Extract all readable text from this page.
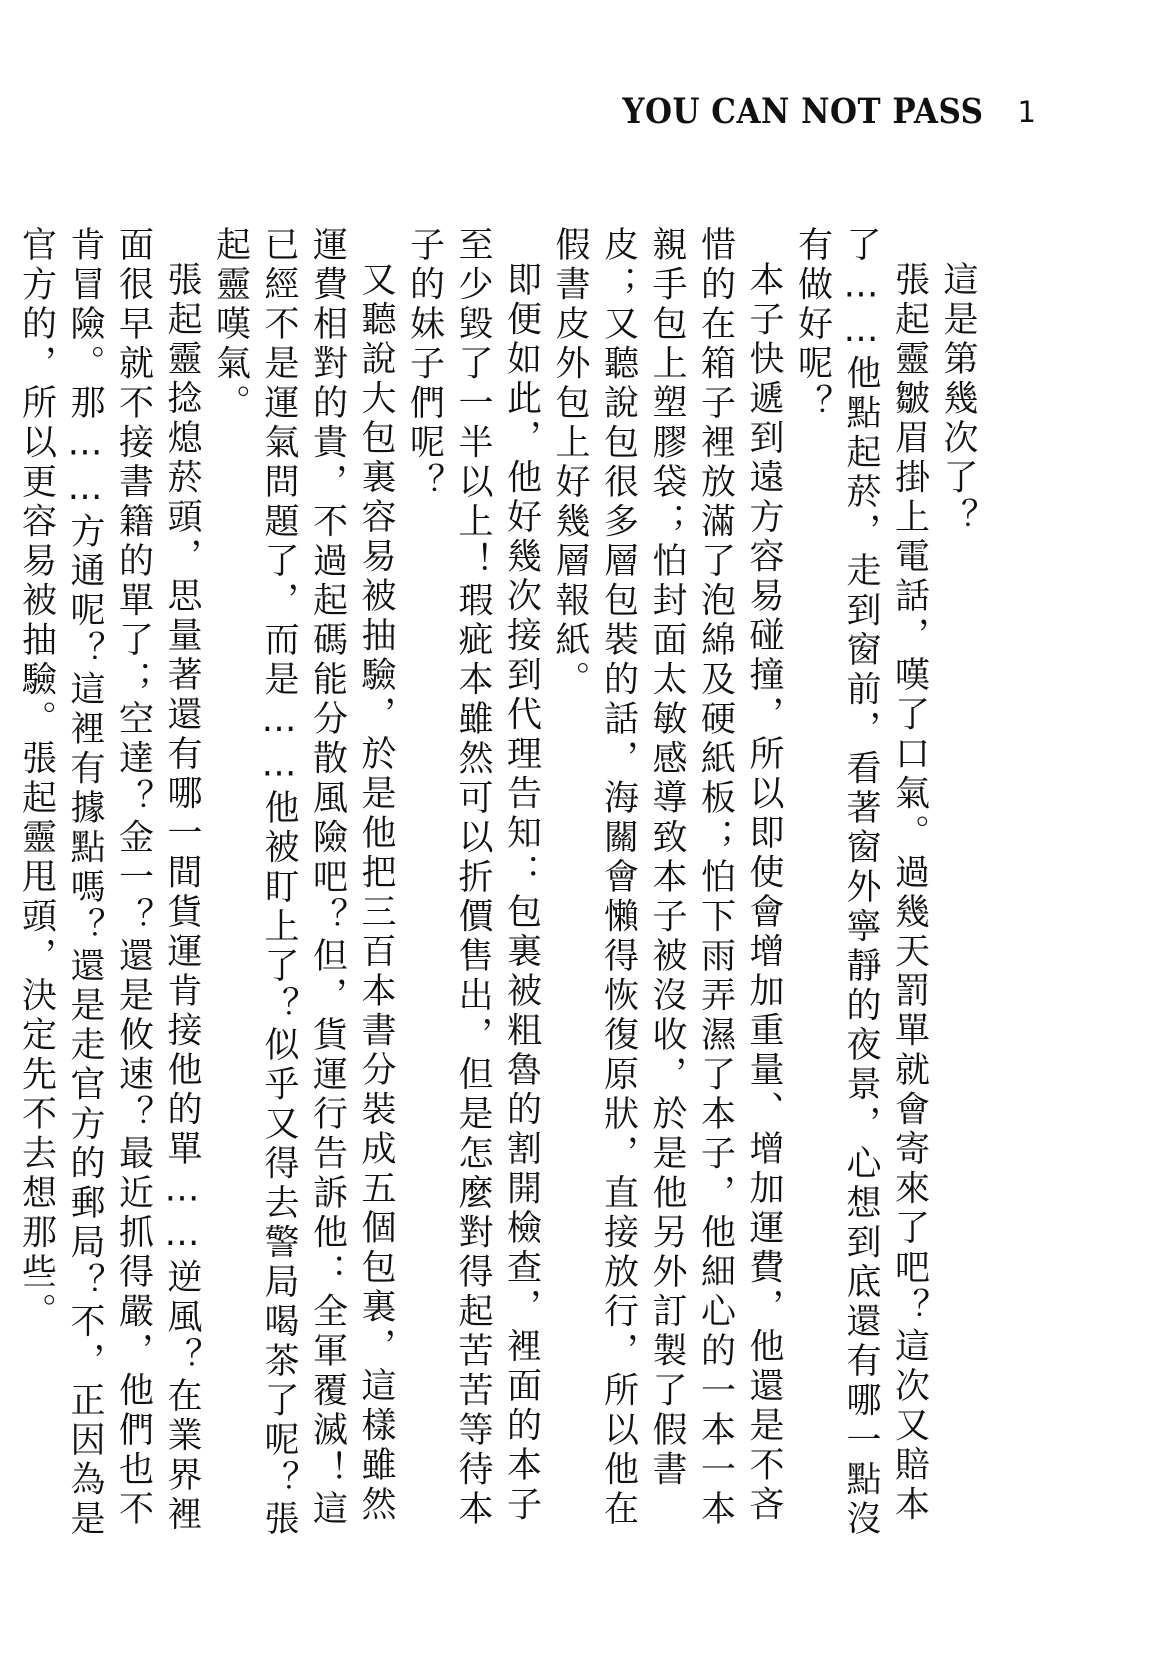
YOU CAN NOT PASS 1

這是第幾次了？

張起靈皺眉掛上電話，嘆了口氣。過幾天罰單就會寄來了吧？這次又賠本了……他點起菸，走到窗前，看著窗外寧靜的夜景，心想到底還有哪一點沒有做好呢？

本子快遞到遠方容易碰撞，所以即使會增加重量、增加運費，他還是不吝惜的在箱子裡放滿了泡綿及硬紙板；怕下雨弄濕了本子，他細心的一本一本親手包上塑膠袋；怕封面太敏感導致本子被沒收，於是他另外訂製了假書皮；又聽說包很多層包裝的話，海關會懶得恢復原狀，直接放行，所以他在假書皮外包上好幾層報紙。

即便如此，他好幾次接到代理告知：包裏被粗魯的割開檢查，裡面的本子至少毀了一半以上！瑕疵本雖然可以折價售出，但是怎麼對得起苦苦等待本子的妹子們呢？

又聽說大包裏容易被抽驗，於是他把三百本書分裝成五個包裏，這樣雖然運費相對的貴，不過起碼能分散風險吧？但，貨運行告訴他：全軍覆滅！這已經不是運氣問題了，而是……他被盯上了？似乎又得去警局喝茶了呢？張起靈嘆氣。

張起靈捻熄菸頭，思量著還有哪一間貨運肯接他的單……逆風？在業界裡面很早就不接書籍的單了；空達？金一？還是攸速？最近抓得嚴，他們也不肯冒險。那……方通呢？這裡有據點嗎？還是走官方的郵局？不，正因為是官方的，所以更容易被抽驗。張起靈甩頭，決定先不去想那些。
